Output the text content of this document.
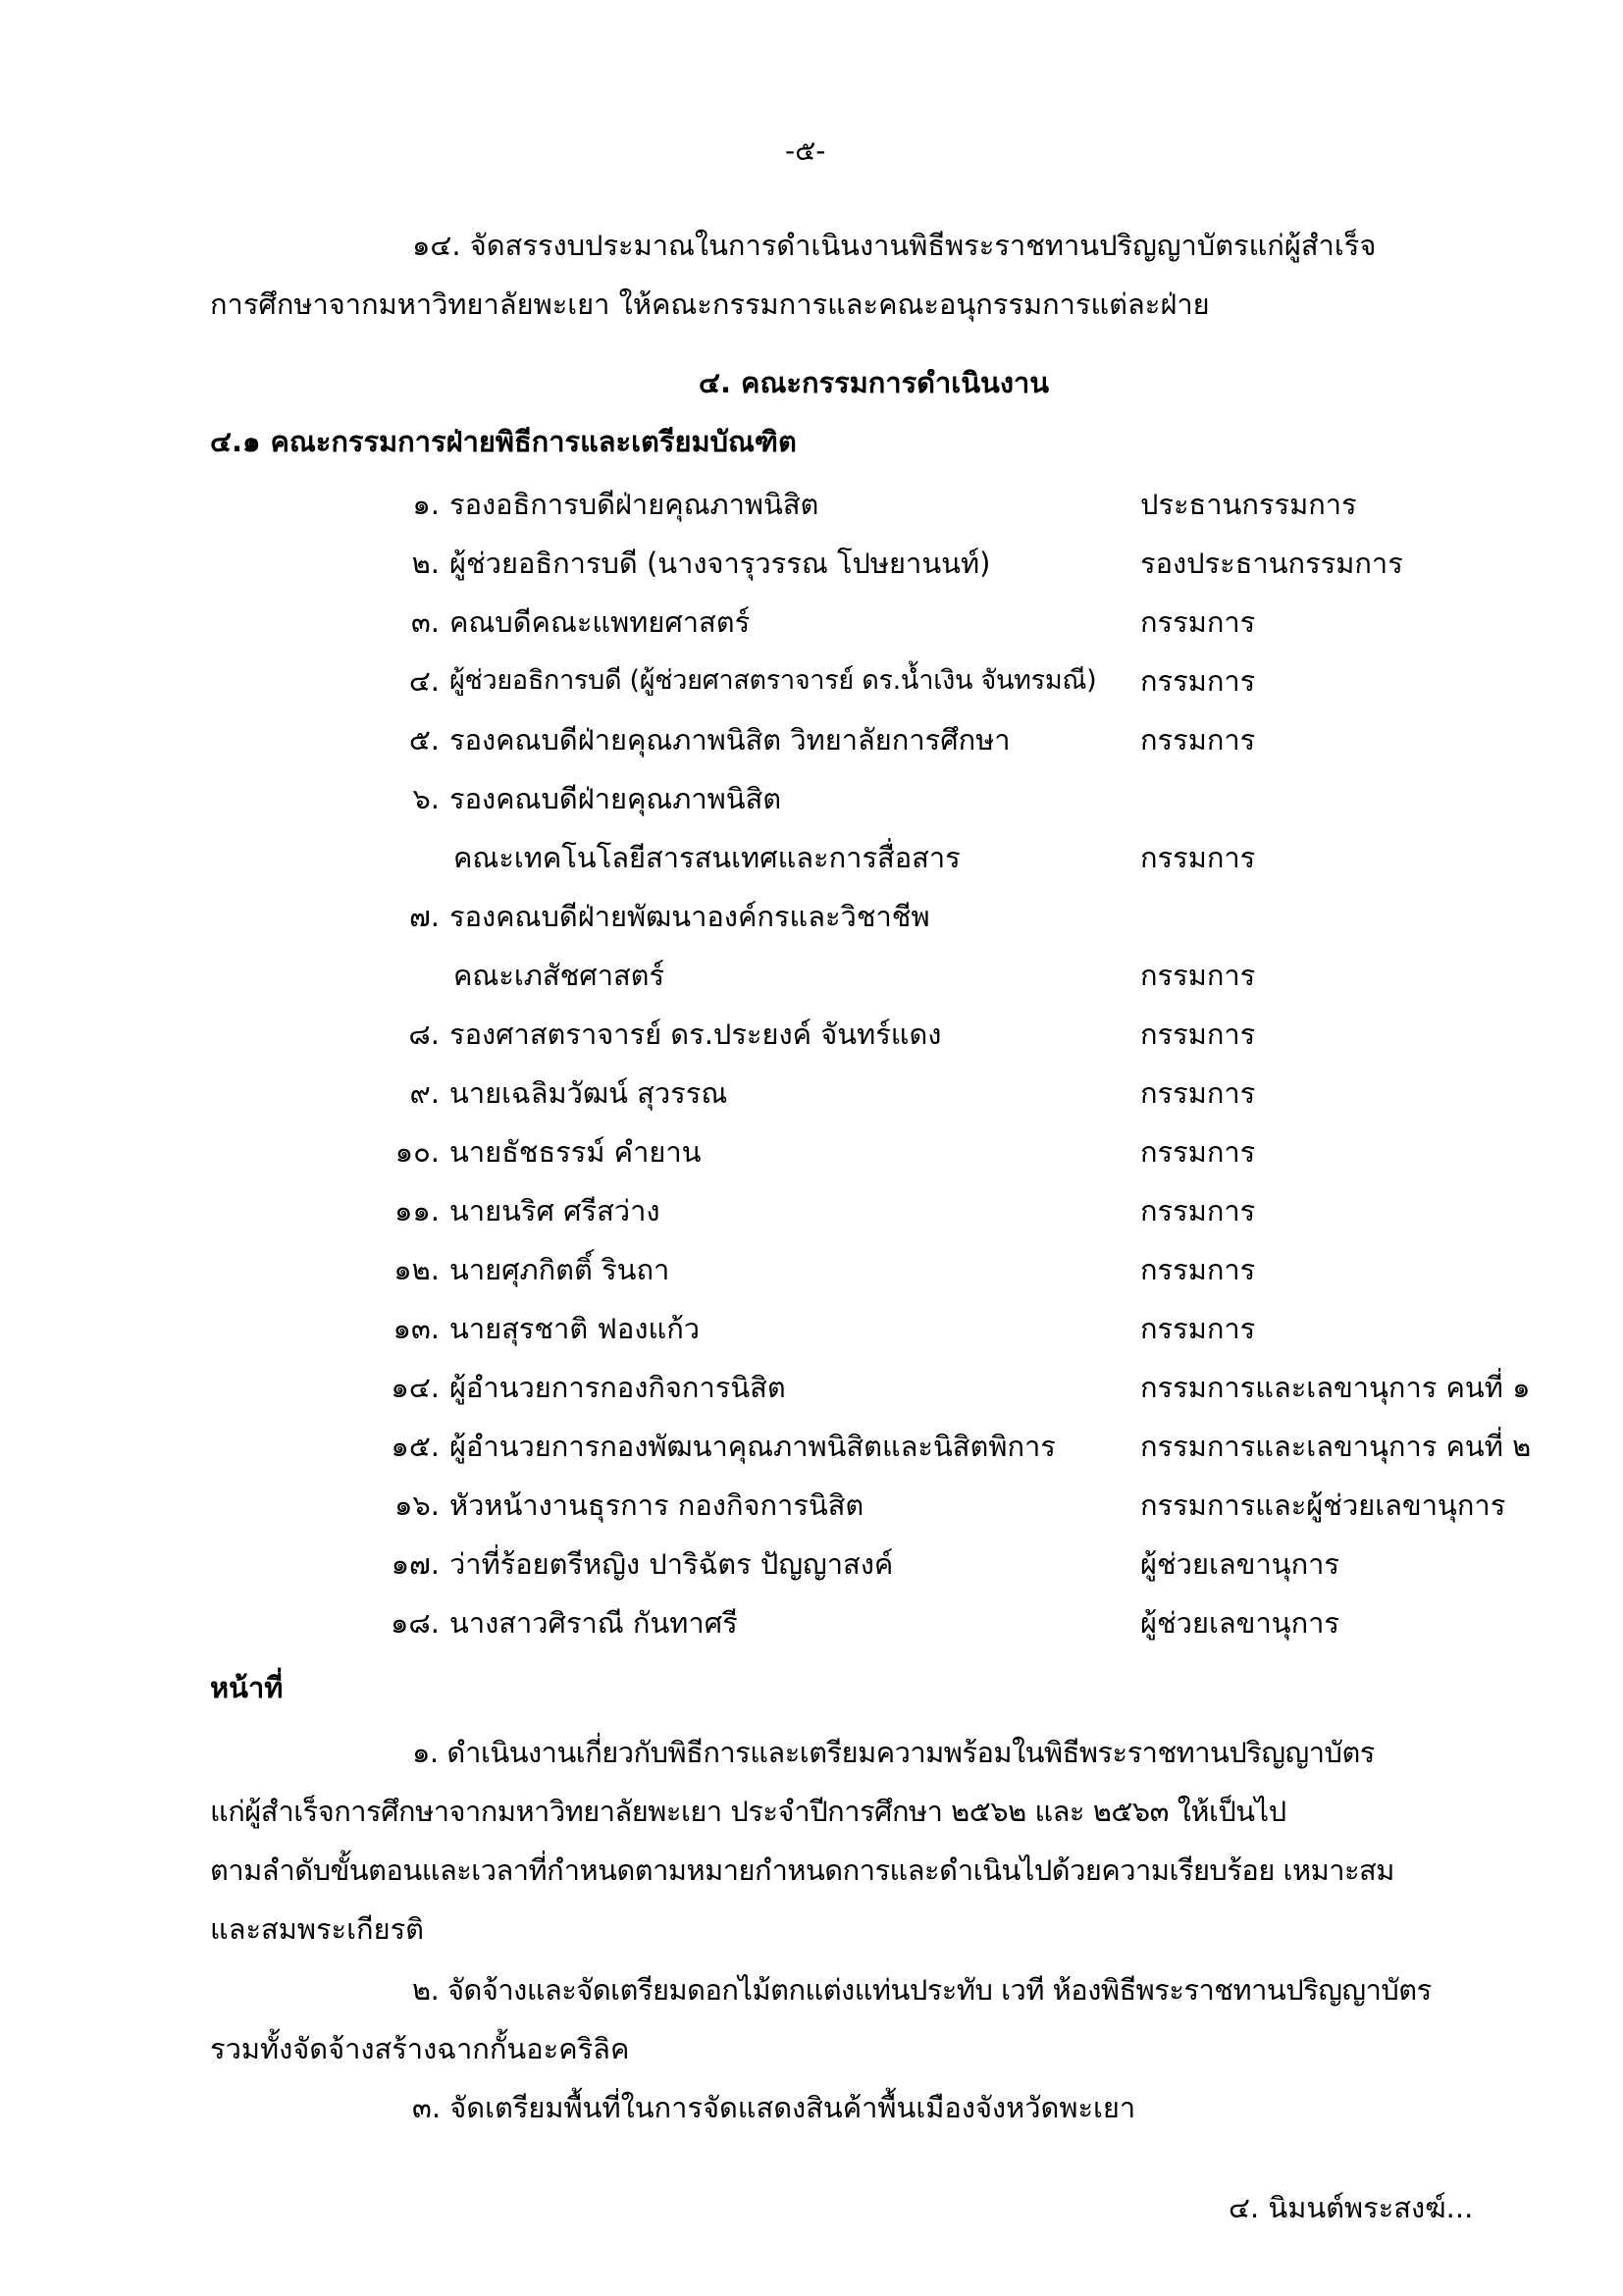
-๕-
๑๔. จัดสรรงบประมาณในการดำเนินงานพิธีพระราชทานปริญญาบัตรแก่ผู้สำเร็จ
การศึกษาจากมหาวิทยาลัยพะเยา ให้คณะกรรมการและคณะอนุกรรมการแต่ละฝ่าย
๔. คณะกรรมการดำเนินงาน
๔.๑ คณะกรรมการฝ่ายพิธีการและเตรียมบัณฑิต
๑. รองอธิการบดีฝ่ายคุณภาพนิสิต	ประธานกรรมการ
๒. ผู้ช่วยอธิการบดี (นางจารุวรรณ โปษยานนท์)	รองประธานกรรมการ
๓. คณบดีคณะแพทยศาสตร์	กรรมการ
๔. ผู้ช่วยอธิการบดี (ผู้ช่วยศาสตราจารย์ ดร.น้ำเงิน จันทรมณี) กรรมการ
๕. รองคณบดีฝ่ายคุณภาพนิสิต วิทยาลัยการศึกษา	กรรมการ
๖. รองคณบดีฝ่ายคุณภาพนิสิต
คณะเทคโนโลยีสารสนเทศและการสื่อสาร	กรรมการ
๗. รองคณบดีฝ่ายพัฒนาองค์กรและวิชาชีพ
คณะเภสัชศาสตร์	กรรมการ
๘. รองศาสตราจารย์ ดร.ประยงค์ จันทร์แดง	กรรมการ
๙. นายเฉลิมวัฒน์ สุวรรณ	กรรมการ
๑๐. นายธัชธรรม์ คำยาน	กรรมการ
๑๑. นายนริศ ศรีสว่าง	กรรมการ
๑๒. นายศุภกิตติ์ รินถา	กรรมการ
๑๓. นายสุรชาติ ฟองแก้ว	กรรมการ
๑๔. ผู้อำนวยการกองกิจการนิสิต	กรรมการและเลขานุการ คนที่ ๑
๑๕. ผู้อำนวยการกองพัฒนาคุณภาพนิสิตและนิสิตพิการ	กรรมการและเลขานุการ คนที่ ๒
๑๖. หัวหน้างานธุรการ กองกิจการนิสิต	กรรมการและผู้ช่วยเลขานุการ
๑๗. ว่าที่ร้อยตรีหญิง ปาริฉัตร ปัญญาสงค์	ผู้ช่วยเลขานุการ
๑๘. นางสาวศิราณี กันทาศรี	ผู้ช่วยเลขานุการ
หน้าที่
๑. ดำเนินงานเกี่ยวกับพิธีการและเตรียมความพร้อมในพิธีพระราชทานปริญญาบัตร
แก่ผู้สำเร็จการศึกษาจากมหาวิทยาลัยพะเยา ประจำปีการศึกษา ๒๕๖๒ และ ๒๕๖๓ ให้เป็นไป
ตามลำดับขั้นตอนและเวลาที่กำหนดตามหมายกำหนดการและดำเนินไปด้วยความเรียบร้อย เหมาะสม
และสมพระเกียรติ
๒. จัดจ้างและจัดเตรียมดอกไม้ตกแต่งแท่นประทับ เวที ห้องพิธีพระราชทานปริญญาบัตร
รวมทั้งจัดจ้างสร้างฉากกั้นอะคริลิค
๓. จัดเตรียมพื้นที่ในการจัดแสดงสินค้าพื้นเมืองจังหวัดพะเยา
๔. นิมนต์พระสงฆ์...
